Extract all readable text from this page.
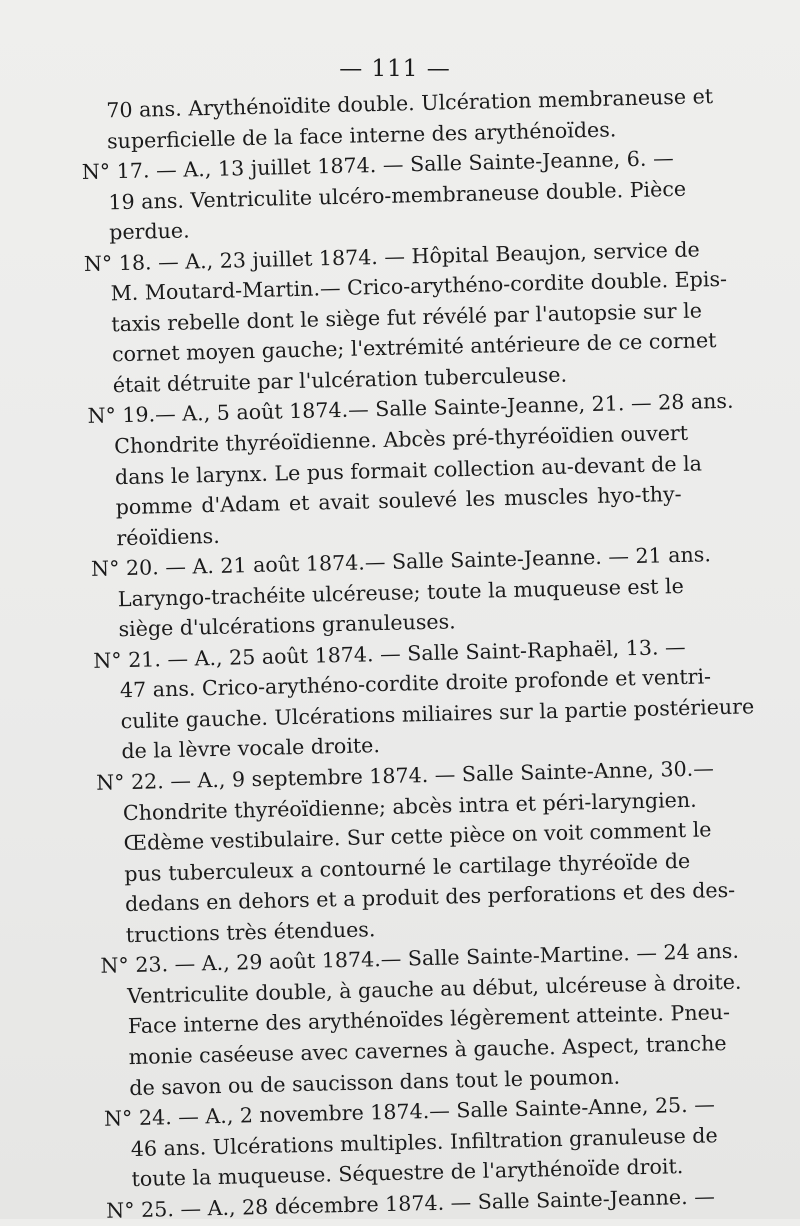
— 111 —
70 ans. Arythénoïdite double. Ulcération membraneuse et
superficielle de la face interne des arythénoïdes.
N° 17. — A., 13 juillet 1874. — Salle Sainte-Jeanne, 6. —
19 ans. Ventriculite ulcéro-membraneuse double. Pièce
perdue.
N° 18. — A., 23 juillet 1874. — Hôpital Beaujon, service de
M. Moutard-Martin.— Crico-arythéno-cordite double. Epis-
taxis rebelle dont le siège fut révélé par l'autopsie sur le
cornet moyen gauche; l'extrémité antérieure de ce cornet
était détruite par l'ulcération tuberculeuse.
N° 19.— A., 5 août 1874.— Salle Sainte-Jeanne, 21. — 28 ans.
Chondrite thyréoïdienne. Abcès pré-thyréoïdien ouvert
dans le larynx. Le pus formait collection au-devant de la
pomme d'Adam et avait soulevé les muscles hyo-thy-
réoïdiens.
N° 20. — A. 21 août 1874.— Salle Sainte-Jeanne. — 21 ans.
Laryngo-trachéite ulcéreuse; toute la muqueuse est le
siège d'ulcérations granuleuses.
N° 21. — A., 25 août 1874. — Salle Saint-Raphaël, 13. —
47 ans. Crico-arythéno-cordite droite profonde et ventri-
culite gauche. Ulcérations miliaires sur la partie postérieure
de la lèvre vocale droite.
N° 22. — A., 9 septembre 1874. — Salle Sainte-Anne, 30.—
Chondrite thyréoïdienne; abcès intra et péri-laryngien.
Œdème vestibulaire. Sur cette pièce on voit comment le
pus tuberculeux a contourné le cartilage thyréoïde de
dedans en dehors et a produit des perforations et des des-
tructions très étendues.
N° 23. — A., 29 août 1874.— Salle Sainte-Martine. — 24 ans.
Ventriculite double, à gauche au début, ulcéreuse à droite.
Face interne des arythénoïdes légèrement atteinte. Pneu-
monie caséeuse avec cavernes à gauche. Aspect, tranche
de savon ou de saucisson dans tout le poumon.
N° 24. — A., 2 novembre 1874.— Salle Sainte-Anne, 25. —
46 ans. Ulcérations multiples. Infiltration granuleuse de
toute la muqueuse. Séquestre de l'arythénoïde droit.
N° 25. — A., 28 décembre 1874. — Salle Sainte-Jeanne. —
